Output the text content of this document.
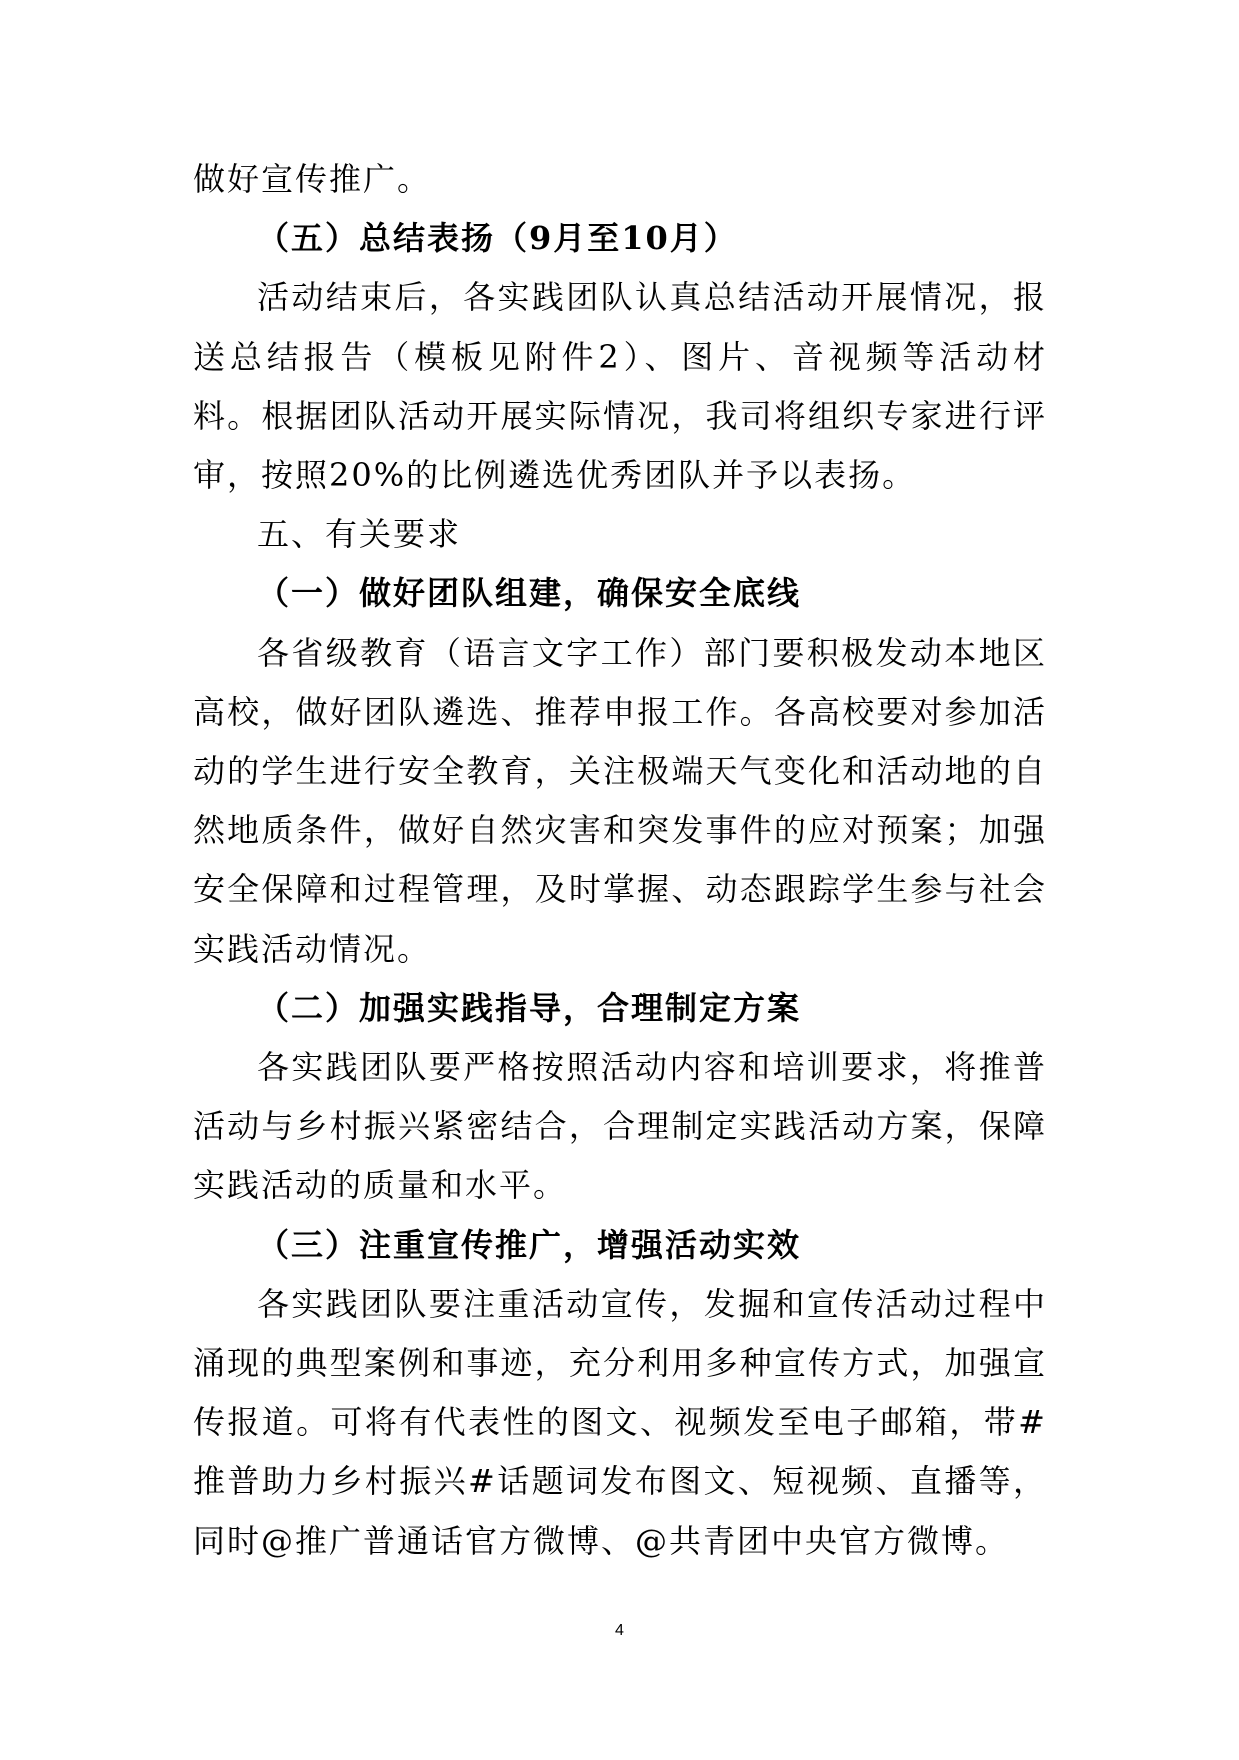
做好宣传推广。

（五）总结表扬（9月至10月）

活动结束后，各实践团队认真总结活动开展情况，报送总结报告（模板见附件2）、图片、音视频等活动材料。根据团队活动开展实际情况，我司将组织专家进行评审，按照20%的比例遴选优秀团队并予以表扬。

五、有关要求

（一）做好团队组建，确保安全底线

各省级教育（语言文字工作）部门要积极发动本地区高校，做好团队遴选、推荐申报工作。各高校要对参加活动的学生进行安全教育，关注极端天气变化和活动地的自然地质条件，做好自然灾害和突发事件的应对预案；加强安全保障和过程管理，及时掌握、动态跟踪学生参与社会实践活动情况。

（二）加强实践指导，合理制定方案

各实践团队要严格按照活动内容和培训要求，将推普活动与乡村振兴紧密结合，合理制定实践活动方案，保障实践活动的质量和水平。

（三）注重宣传推广，增强活动实效

各实践团队要注重活动宣传，发掘和宣传活动过程中涌现的典型案例和事迹，充分利用多种宣传方式，加强宣传报道。可将有代表性的图文、视频发至电子邮箱，带#推普助力乡村振兴#话题词发布图文、短视频、直播等，同时@推广普通话官方微博、@共青团中央官方微博。

4
